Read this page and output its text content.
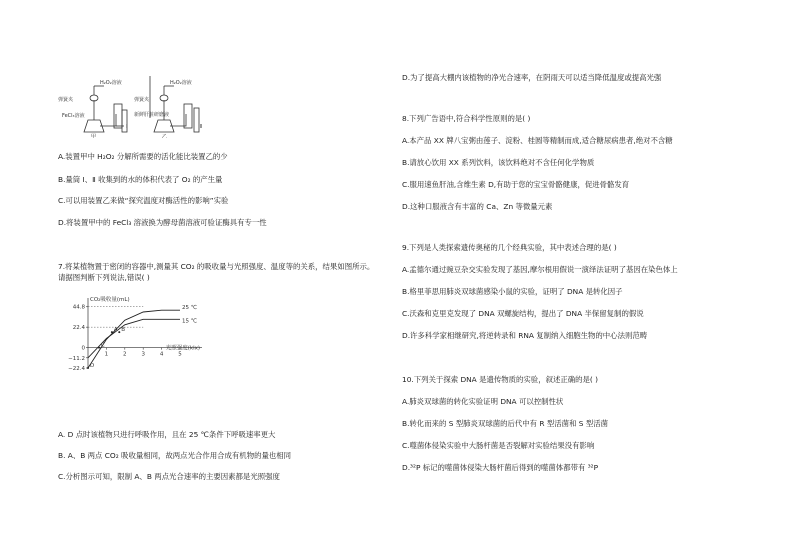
弹簧夹
H₂O₂溶液
FeCl₃溶液
甲
Ⅰ
弹簧夹
H₂O₂溶液
新鲜肝脏研磨液
乙
Ⅱ
A.装置甲中 H₂O₂ 分解所需要的活化能比装置乙的少
B.量筒 Ⅰ、Ⅱ 收集到的水的体积代表了 O₂ 的产生量
C.可以用装置乙来做“探究温度对酶活性的影响”实验
D.将装置甲中的 FeCl₃ 溶液换为酵母菌溶液可验证酶具有专一性
7.将某植物置于密闭的容器中,测量其 CO₂ 的吸收量与光照强度、温度等的关系，结果如图所示。
请据图判断下列说法,错误( )
CO₂吸收量(mL)
光照强度(klx)
44.8
22.4
0
−11.2
−22.4
1	2	3	4	5
25 ℃
15 ℃
A B
C
D
A. D 点时该植物只进行呼吸作用，且在 25 ℃条件下呼吸速率更大
B. A、B 两点 CO₂ 吸收量相同，故两点光合作用合成有机物的量也相同
C.分析图示可知，限制 A、B 两点光合速率的主要因素都是光照强度
D.为了提高大棚内该植物的净光合速率，在阴雨天可以适当降低温度或提高光强
8.下列广告语中,符合科学性原则的是( )
A.本产品 XX 牌八宝粥由莲子、淀粉、桂圆等精制而成,适合糖尿病患者,绝对不含糖
B.请放心饮用 XX 系列饮料，该饮料绝对不含任何化学物质
C.服用速鱼肝油,含维生素 D,有助于您的宝宝骨骼健康，促进骨骼发育
D.这种口服液含有丰富的 Ca、Zn 等微量元素
9.下列是人类探索遗传奥秘的几个经典实验，其中表述合理的是( )
A.孟德尔通过豌豆杂交实验发现了基因,摩尔根用假说一演绎法证明了基因在染色体上
B.格里菲思用肺炎双球菌感染小鼠的实验，证明了 DNA 是转化因子
C.沃森和克里克发现了 DNA 双螺旋结构，提出了 DNA 半保留复制的假说
D.许多科学家相继研究,将逆转录和 RNA 复制纳入细胞生物的中心法则范畴
10.下列关于探索 DNA 是遗传物质的实验，叙述正确的是( )
A.肺炎双球菌的转化实验证明 DNA 可以控制性状
B.转化而来的 S 型肺炎双球菌的后代中有 R 型活菌和 S 型活菌
C.噬菌体侵染实验中大肠杆菌是否裂解对实验结果没有影响
D.³²P 标记的噬菌体侵染大肠杆菌后得到的噬菌体都带有 ³²P
